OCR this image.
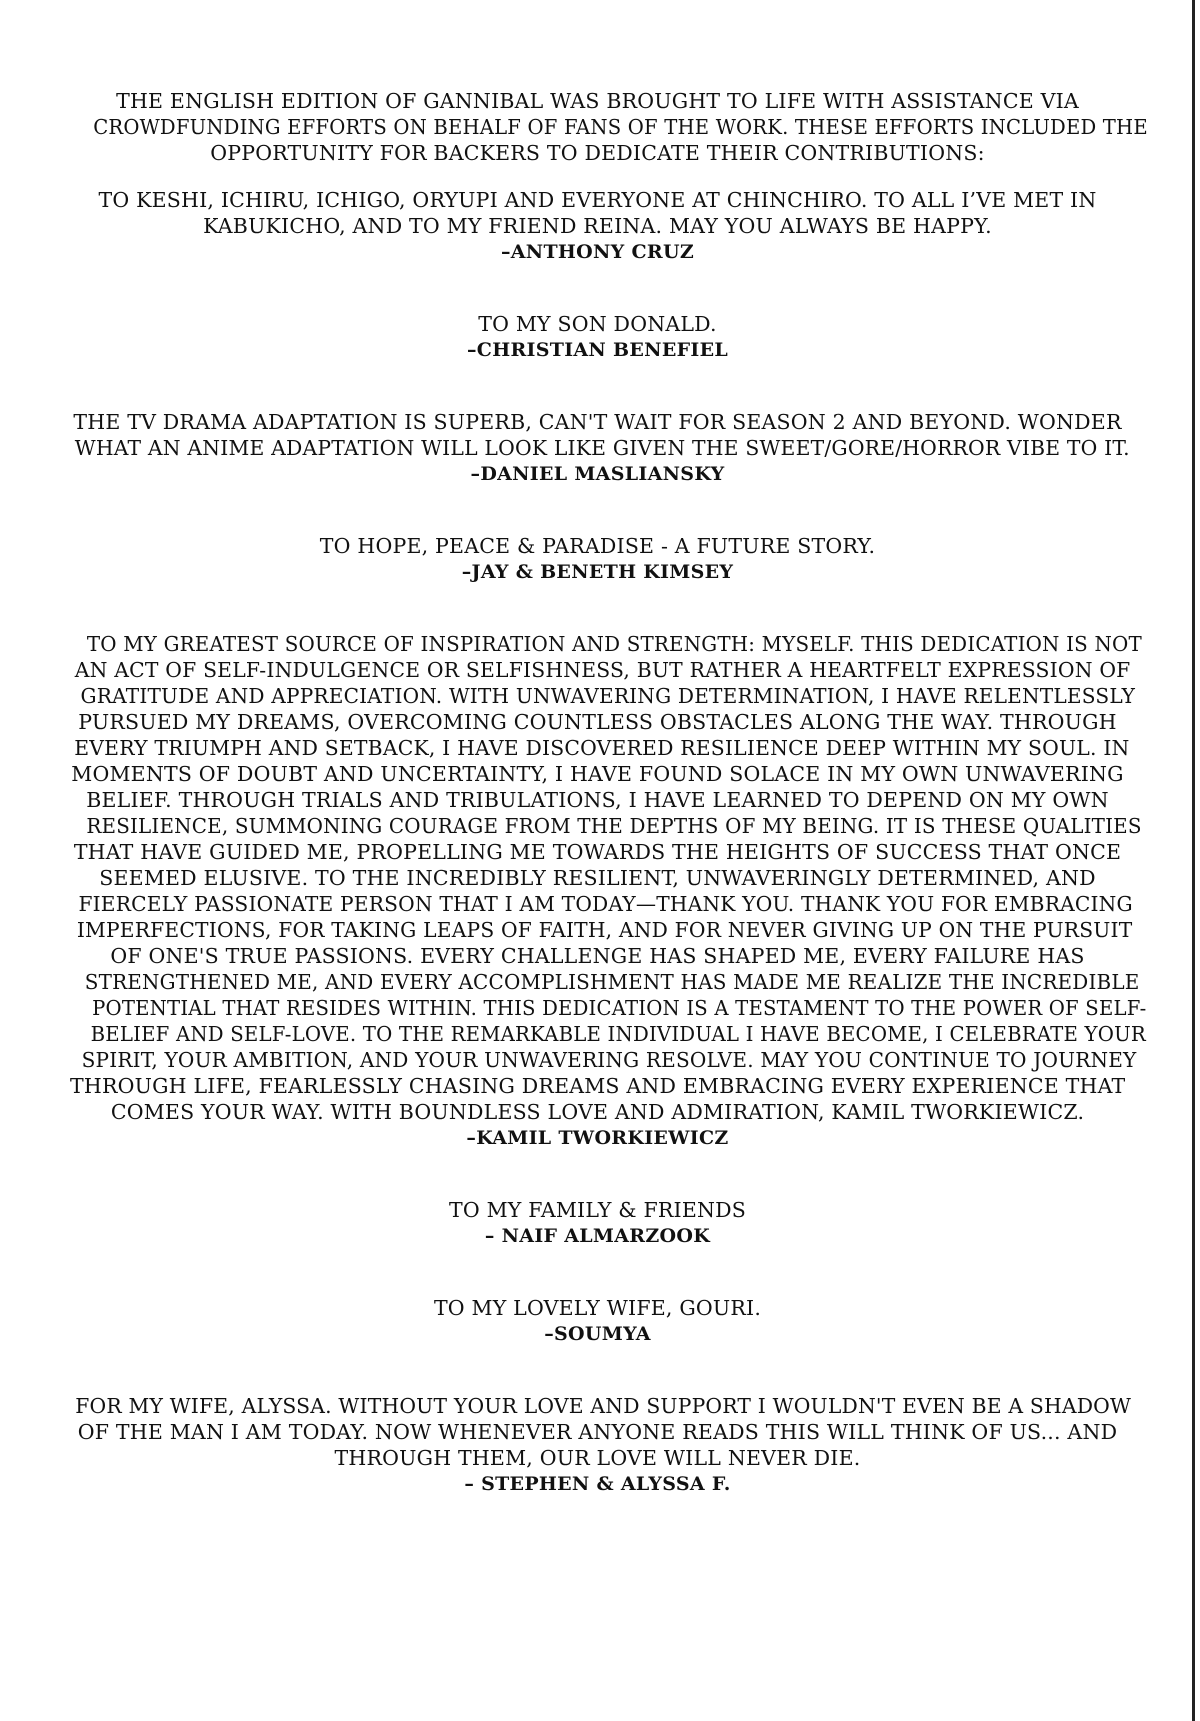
THE ENGLISH EDITION OF GANNIBAL WAS BROUGHT TO LIFE WITH ASSISTANCE VIA
CROWDFUNDING EFFORTS ON BEHALF OF FANS OF THE WORK. THESE EFFORTS INCLUDED THE
OPPORTUNITY FOR BACKERS TO DEDICATE THEIR CONTRIBUTIONS:
TO KESHI, ICHIRU, ICHIGO, ORYUPI AND EVERYONE AT CHINCHIRO. TO ALL I’VE MET IN
KABUKICHO, AND TO MY FRIEND REINA. MAY YOU ALWAYS BE HAPPY.
–ANTHONY CRUZ
TO MY SON DONALD.
–CHRISTIAN BENEFIEL
THE TV DRAMA ADAPTATION IS SUPERB, CAN'T WAIT FOR SEASON 2 AND BEYOND. WONDER
WHAT AN ANIME ADAPTATION WILL LOOK LIKE GIVEN THE SWEET/GORE/HORROR VIBE TO IT.
–DANIEL MASLIANSKY
TO HOPE, PEACE & PARADISE - A FUTURE STORY.
–JAY & BENETH KIMSEY
TO MY GREATEST SOURCE OF INSPIRATION AND STRENGTH: MYSELF. THIS DEDICATION IS NOT
AN ACT OF SELF-INDULGENCE OR SELFISHNESS, BUT RATHER A HEARTFELT EXPRESSION OF
GRATITUDE AND APPRECIATION. WITH UNWAVERING DETERMINATION, I HAVE RELENTLESSLY
PURSUED MY DREAMS, OVERCOMING COUNTLESS OBSTACLES ALONG THE WAY. THROUGH
EVERY TRIUMPH AND SETBACK, I HAVE DISCOVERED RESILIENCE DEEP WITHIN MY SOUL. IN
MOMENTS OF DOUBT AND UNCERTAINTY, I HAVE FOUND SOLACE IN MY OWN UNWAVERING
BELIEF. THROUGH TRIALS AND TRIBULATIONS, I HAVE LEARNED TO DEPEND ON MY OWN
RESILIENCE, SUMMONING COURAGE FROM THE DEPTHS OF MY BEING. IT IS THESE QUALITIES
THAT HAVE GUIDED ME, PROPELLING ME TOWARDS THE HEIGHTS OF SUCCESS THAT ONCE
SEEMED ELUSIVE. TO THE INCREDIBLY RESILIENT, UNWAVERINGLY DETERMINED, AND
FIERCELY PASSIONATE PERSON THAT I AM TODAY—THANK YOU. THANK YOU FOR EMBRACING
IMPERFECTIONS, FOR TAKING LEAPS OF FAITH, AND FOR NEVER GIVING UP ON THE PURSUIT
OF ONE'S TRUE PASSIONS. EVERY CHALLENGE HAS SHAPED ME, EVERY FAILURE HAS
STRENGTHENED ME, AND EVERY ACCOMPLISHMENT HAS MADE ME REALIZE THE INCREDIBLE
POTENTIAL THAT RESIDES WITHIN. THIS DEDICATION IS A TESTAMENT TO THE POWER OF SELF-
BELIEF AND SELF-LOVE. TO THE REMARKABLE INDIVIDUAL I HAVE BECOME, I CELEBRATE YOUR
SPIRIT, YOUR AMBITION, AND YOUR UNWAVERING RESOLVE. MAY YOU CONTINUE TO JOURNEY
THROUGH LIFE, FEARLESSLY CHASING DREAMS AND EMBRACING EVERY EXPERIENCE THAT
COMES YOUR WAY. WITH BOUNDLESS LOVE AND ADMIRATION, KAMIL TWORKIEWICZ.
–KAMIL TWORKIEWICZ
TO MY FAMILY & FRIENDS
– NAIF ALMARZOOK
TO MY LOVELY WIFE, GOURI.
–SOUMYA
FOR MY WIFE, ALYSSA. WITHOUT YOUR LOVE AND SUPPORT I WOULDN'T EVEN BE A SHADOW
OF THE MAN I AM TODAY. NOW WHENEVER ANYONE READS THIS WILL THINK OF US... AND
THROUGH THEM, OUR LOVE WILL NEVER DIE.
– STEPHEN & ALYSSA F.
